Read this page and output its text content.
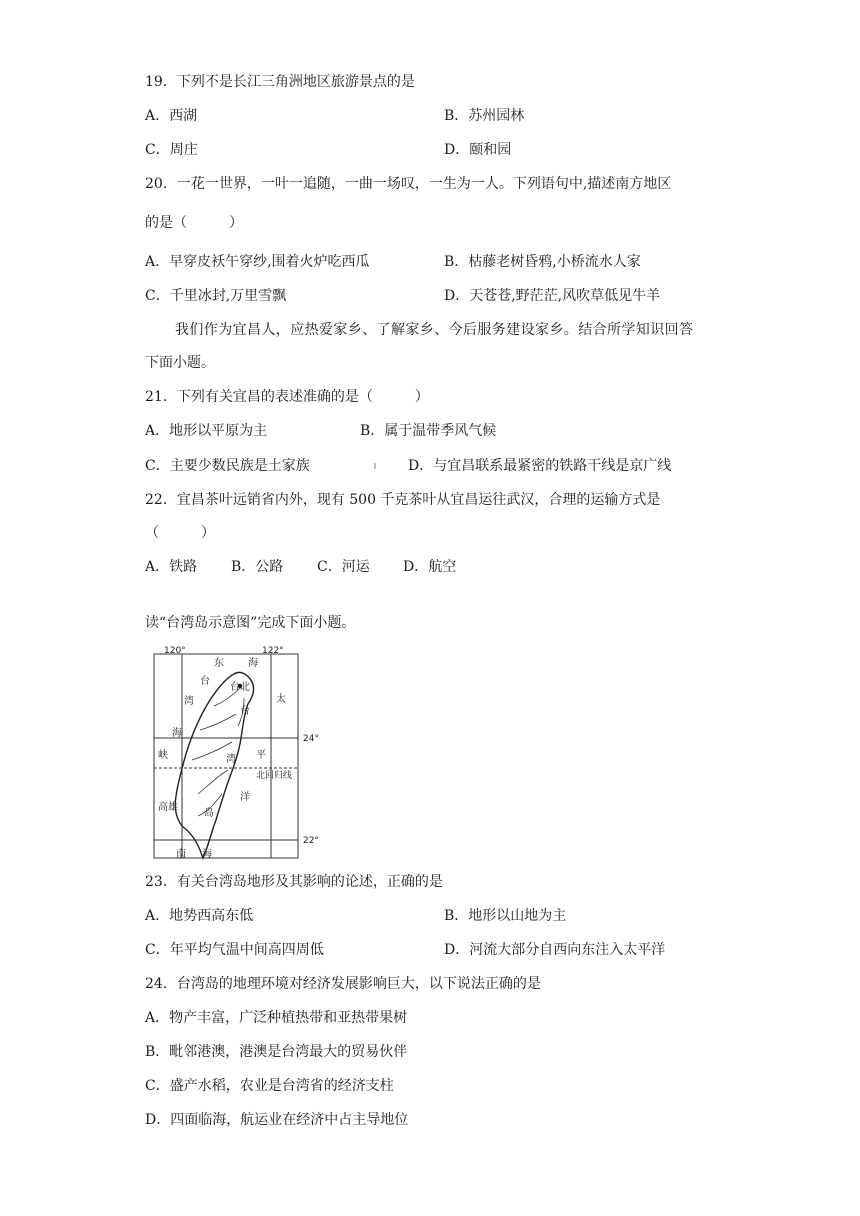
19．下列不是长江三角洲地区旅游景点的是
A．西湖	B．苏州园林
C．周庄	D．颐和园
20．一花一世界，一叶一追随，一曲一场叹，一生为一人。下列语句中,描述南方地区
的是（　　　）
A．早穿皮袄午穿纱,围着火炉吃西瓜	B．枯藤老树昏鸦,小桥流水人家
C．千里冰封,万里雪飘	D．天苍苍,野茫茫,风吹草低见牛羊
我们作为宜昌人，应热爱家乡、了解家乡、今后服务建设家乡。结合所学知识回答
下面小题。
21．下列有关宜昌的表述准确的是（　　　）
A．地形以平原为主	B．属于温带季风气候
C．主要少数民族是土家族	D．与宜昌联系最紧密的铁路干线是京广线
22．宜昌茶叶远销省内外，现有 500 千克茶叶从宜昌运往武汉，合理的运输方式是
（　　　）
A．铁路 B．公路 C．河运 D．航空
读“台湾岛示意图”完成下面小题。
120°	122°
24°
22°
东 海
台北
台
湾
海
峡
台
湾
岛
太
平
洋
北回归线
高雄
南 海
23．有关台湾岛地形及其影响的论述，正确的是
A．地势西高东低	B．地形以山地为主
C．年平均气温中间高四周低	D．河流大部分自西向东注入太平洋
24．台湾岛的地理环境对经济发展影响巨大，以下说法正确的是
A．物产丰富，广泛种植热带和亚热带果树
B．毗邻港澳，港澳是台湾最大的贸易伙伴
C．盛产水稻，农业是台湾省的经济支柱
D．四面临海，航运业在经济中占主导地位
